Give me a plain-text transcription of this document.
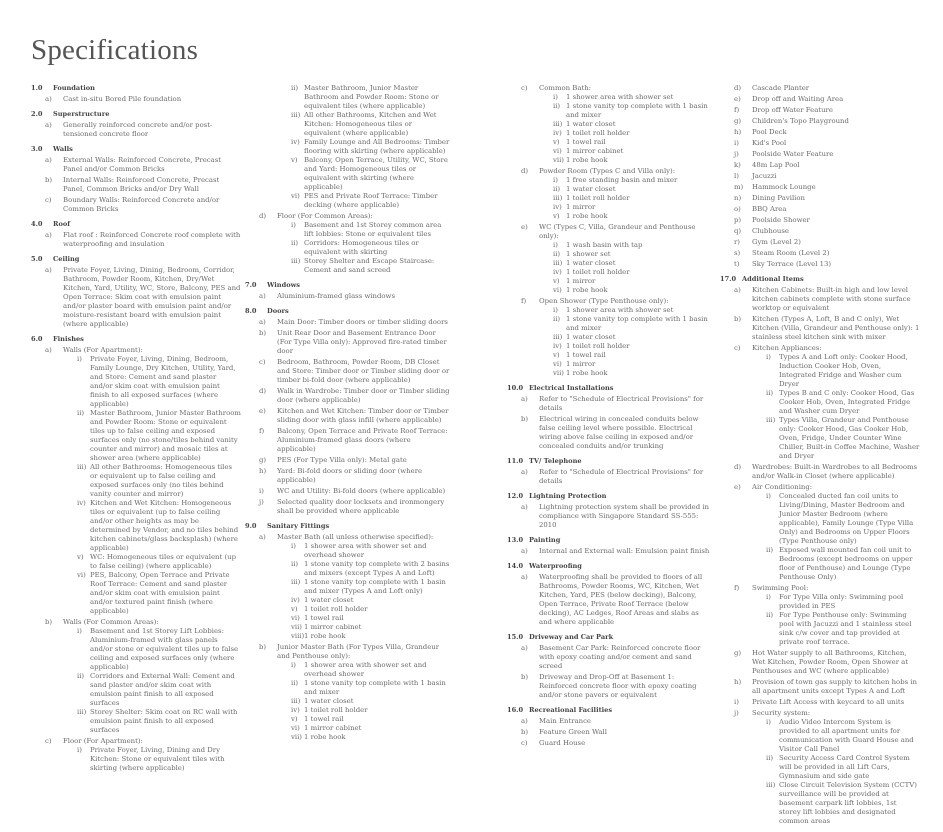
Specifications
1.0	Foundation
a)	Cast in-situ Bored Pile foundation
2.0	Superstructure
a)	Generally reinforced concrete and/or post-tensioned concrete floor
3.0	Walls
a)	External Walls: Reinforced Concrete, Precast Panel and/or Common Bricks
b)	Internal Walls: Reinforced Concrete, Precast Panel, Common Bricks and/or Dry Wall
c)	Boundary Walls: Reinforced Concrete and/or Common Bricks
4.0	Roof
a)	Flat roof : Reinforced Concrete roof complete with waterproofing and insulation
5.0	Ceiling
a)	Private Foyer, Living, Dining, Bedroom, Corridor, Bathroom, Powder Room, Kitchen, Dry/Wet Kitchen, Yard, Utility, WC, Store, Balcony, PES and Open Terrace: Skim coat with emulsion paint and/or plaster board with emulsion paint and/or moisture-resistant board with emulsion paint (where applicable)
6.0	Finishes
a)	Walls (For Apartment):
i)	Private Foyer, Living, Dining, Bedroom, Family Lounge, Dry Kitchen, Utility, Yard, and Store: Cement and sand plaster and/or skim coat with emulsion paint finish to all exposed surfaces (where applicable)
ii) Master Bathroom, Junior Master Bathroom and Powder Room: Stone or equivalent tiles up to false ceiling and exposed surfaces only (no stone/tiles behind vanity counter and mirror) and mosaic tiles at shower area (where applicable)
iii) All other Bathrooms: Homogeneous tiles or equivalent up to false ceiling and exposed surfaces only (no tiles behind vanity counter and mirror)
iv) Kitchen and Wet Kitchen: Homogeneous tiles or equivalent (up to false ceiling and/or other heights as may be determined by Vendor, and no tiles behind kitchen cabinets/glass backsplash) (where applicable)
v) WC: Homogeneous tiles or equivalent (up to false ceiling) (where applicable)
vi) PES, Balcony, Open Terrace and Private Roof Terrace: Cement and sand plaster and/or skim coat with emulsion paint and/or textured paint finish (where applicable)
b)	Walls (For Common Areas):
i)	Basement and 1st Storey Lift Lobbies: Aluminium-framed with glass panels and/or stone or equivalent tiles up to false ceiling and exposed surfaces only (where applicable)
ii) Corridors and External Wall: Cement and sand plaster and/or skim coat with emulsion paint finish to all exposed surfaces
iii) Storey Shelter: Skim coat on RC wall with emulsion paint finish to all exposed surfaces
c)	Floor (For Apartment):
i)	Private Foyer, Living, Dining and Dry Kitchen: Stone or equivalent tiles with skirting (where applicable)
ii) Master Bathroom, Junior Master Bathroom and Powder Room: Stone or equivalent tiles (where applicable)
iii) All other Bathrooms, Kitchen and Wet Kitchen: Homogeneous tiles or equivalent (where applicable)
iv) Family Lounge and All Bedrooms: Timber flooring with skirting (where applicable)
v) Balcony, Open Terrace, Utility, WC, Store and Yard: Homogeneous tiles or equivalent with skirting (where applicable)
vi) PES and Private Roof Terrace: Timber decking (where applicable)
d)	Floor (For Common Areas):
i)	Basement and 1st Storey common area lift lobbies: Stone or equivalent tiles
ii) Corridors: Homogeneous tiles or equivalent with skirting
iii) Storey Shelter and Escape Staircase: Cement and sand screed
7.0	Windows
a)	Aluminium-framed glass windows
8.0	Doors
a)	Main Door: Timber doors or timber sliding doors
b)	Unit Rear Door and Basement Entrance Door (For Type Villa only): Approved fire-rated timber door
c)	Bedroom, Bathroom, Powder Room, DB Closet and Store: Timber door or Timber sliding door or timber bi-fold door (where applicable)
d)	Walk in Wardrobe: Timber door or Timber sliding door (where applicable)
e)	Kitchen and Wet Kitchen: Timber door or Timber sliding door with glass infill (where applicable)
f)	Balcony, Open Terrace and Private Roof Terrace: Aluminium-framed glass doors (where applicable)
g)	PES (For Type Villa only): Metal gate
h)	Yard: Bi-fold doors or sliding door (where applicable)
i)	WC and Utility: Bi-fold doors (where applicable)
j)	Selected quality door locksets and ironmongery shall be provided where applicable
9.0	Sanitary Fittings
a)	Master Bath (all unless otherwise specified):
i)	1 shower area with shower set and overhead shower
ii) 1 stone vanity top complete with 2 basins and mixers (except Types A and Loft)
iii) 1 stone vanity top complete with 1 basin and mixer (Types A and Loft only)
iv) 1 water closet
v) 1 toilet roll holder
vi) 1 towel rail
vii) 1 mirror cabinet
viii) 1 robe hook
b)	Junior Master Bath (For Types Villa, Grandeur and Penthouse only):
i)	1 shower area with shower set and overhead shower
ii) 1 stone vanity top complete with 1 basin and mixer
iii) 1 water closet
iv) 1 toilet roll holder
v) 1 towel rail
vi) 1 mirror cabinet
vii) 1 robe hook
c)	Common Bath:
i)	1 shower area with shower set
ii) 1 stone vanity top complete with 1 basin and mixer
iii) 1 water closet
iv) 1 toilet roll holder
v) 1 towel rail
vi) 1 mirror cabinet
vii) 1 robe hook
d)	Powder Room (Types C and Villa only):
i)	1 free standing basin and mixer
ii) 1 water closet
iii) 1 toilet roll holder
iv) 1 mirror
v) 1 robe hook
e)	WC (Types C, Villa, Grandeur and Penthouse only):
i)	1 wash basin with tap
ii) 1 shower set
iii) 1 water closet
iv) 1 toilet roll holder
v) 1 mirror
vi) 1 robe hook
f)	Open Shower (Type Penthouse only):
i)	1 shower area with shower set
ii) 1 stone vanity top complete with 1 basin and mixer
iii) 1 water closet
iv) 1 toilet roll holder
v) 1 towel rail
vi) 1 mirror
vii) 1 robe hook
10.0 Electrical Installations
a)	Refer to "Schedule of Electrical Provisions" for details
b)	Electrical wiring in concealed conduits below false ceiling level where possible. Electrical wiring above false ceiling in exposed and/or concealed conduits and/or trunking
11.0 TV/ Telephone
a)	Refer to "Schedule of Electrical Provisions" for details
12.0 Lightning Protection
a)	Lightning protection system shall be provided in compliance with Singapore Standard SS-555: 2010
13.0 Painting
a)	Internal and External wall: Emulsion paint finish
14.0 Waterproofing
a)	Waterproofing shall be provided to floors of all Bathrooms, Powder Rooms, WC, Kitchen, Wet Kitchen, Yard, PES (below decking), Balcony, Open Terrace, Private Roof Terrace (below decking), AC Ledges, Roof Areas and slabs as and where applicable
15.0 Driveway and Car Park
a)	Basement Car Park: Reinforced concrete floor with epoxy coating and/or cement and sand screed
b)	Driveway and Drop-Off at Basement 1: Reinforced concrete floor with epoxy coating and/or stone pavers or equivalent
16.0 Recreational Facilities
a)	Main Entrance
b)	Feature Green Wall
c)	Guard House
d)	Cascade Planter
e)	Drop off and Waiting Area
f)	Drop off Water Feature
g)	Children's Topo Playground
h)	Pool Deck
i)	Kid's Pool
j)	Poolside Water Feature
k)	48m Lap Pool
l)	Jacuzzi
m)	Hammock Lounge
n)	Dining Pavilion
o)	BBQ Area
p)	Poolside Shower
q)	Clubhouse
r)	Gym (Level 2)
s)	Steam Room (Level 2)
t)	Sky Terrace (Level 13)
17.0 Additional Items
a)	Kitchen Cabinets: Built-in high and low level kitchen cabinets complete with stone surface worktop or equivalent
b)	Kitchen (Types A, Loft, B and C only), Wet Kitchen (Villa, Grandeur and Penthouse only): 1 stainless steel kitchen sink with mixer
c)	Kitchen Appliances:
i)	Types A and Loft only: Cooker Hood, Induction Cooker Hob, Oven, Integrated Fridge and Washer cum Dryer
ii) Types B and C only: Cooker Hood, Gas Cooker Hob, Oven, Integrated Fridge and Washer cum Dryer
iii) Types Villa, Grandeur and Penthouse only: Cooker Hood, Gas Cooker Hob, Oven, Fridge, Under Counter Wine Chiller, Built-in Coffee Machine, Washer and Dryer
d)	Wardrobes: Built-in Wardrobes to all Bedrooms and/or Walk-in Closet (where applicable)
e)	Air Conditioning:
i)	Concealed ducted fan coil units to Living/Dining, Master Bedroom and Junior Master Bedroom (where applicable), Family Lounge (Type Villa Only) and Bedrooms on Upper Floors (Type Penthouse only)
ii) Exposed wall mounted fan coil unit to Bedrooms (except bedrooms on upper floor of Penthouse) and Lounge (Type Penthouse Only)
f)	Swimming Pool:
i)	For Type Villa only: Swimming pool provided in PES
ii) For Type Penthouse only: Swimming pool with Jacuzzi and 1 stainless steel sink c/w cover and tap provided at private roof terrace.
g)	Hot Water supply to all Bathrooms, Kitchen, Wet Kitchen, Powder Room, Open Shower at Penthouses and WC (where applicable)
h)	Provision of town gas supply to kitchen hobs in all apartment units except Types A and Loft
i)	Private Lift Access with keycard to all units
j)	Security system:
i)	Audio Video Intercom System is provided to all apartment units for communication with Guard House and Visitor Call Panel
ii) Security Access Card Control System will be provided in all Lift Cars, Gymnasium and side gate
iii) Close Circuit Television System (CCTV) surveillance will be provided at basement carpark lift lobbies, 1st storey lift lobbies and designated common areas
